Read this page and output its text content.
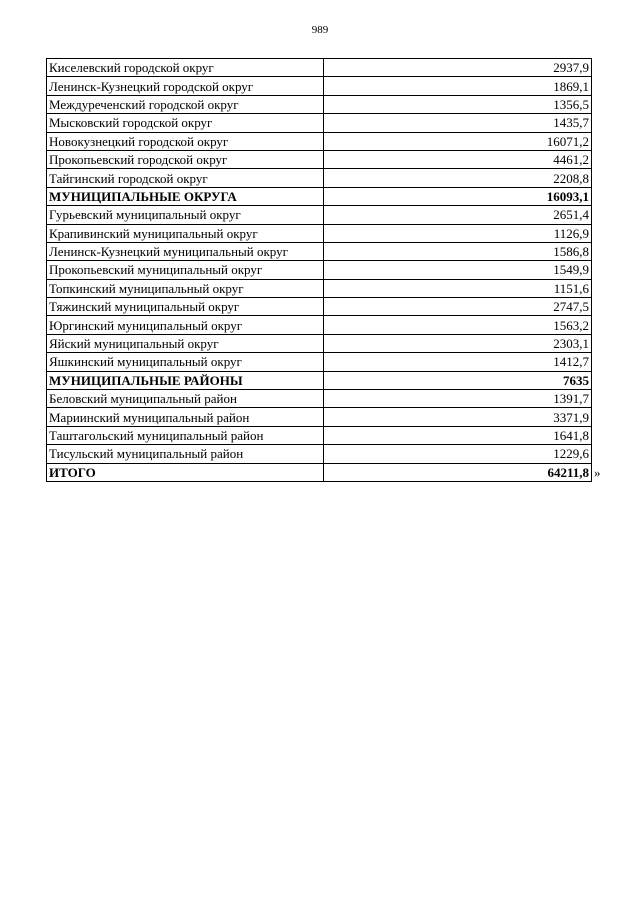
989
Киселевский городской округ	2937,9
Ленинск-Кузнецкий городской округ	1869,1
Междуреченский городской округ	1356,5
Мысковский городской округ	1435,7
Новокузнецкий городской округ	16071,2
Прокопьевский городской округ	4461,2
Тайгинский городской округ	2208,8
МУНИЦИПАЛЬНЫЕ ОКРУГА	16093,1
Гурьевский муниципальный округ	2651,4
Крапивинский муниципальный округ	1126,9
Ленинск-Кузнецкий муниципальный округ	1586,8
Прокопьевский муниципальный округ	1549,9
Топкинский муниципальный округ	1151,6
Тяжинский муниципальный округ	2747,5
Юргинский муниципальный округ	1563,2
Яйский муниципальный округ	2303,1
Яшкинский муниципальный округ	1412,7
МУНИЦИПАЛЬНЫЕ РАЙОНЫ	7635
Беловский муниципальный район	1391,7
Мариинский муниципальный район	3371,9
Таштагольский муниципальный район	1641,8
Тисульский муниципальный район	1229,6
ИТОГО	64211,8 »
